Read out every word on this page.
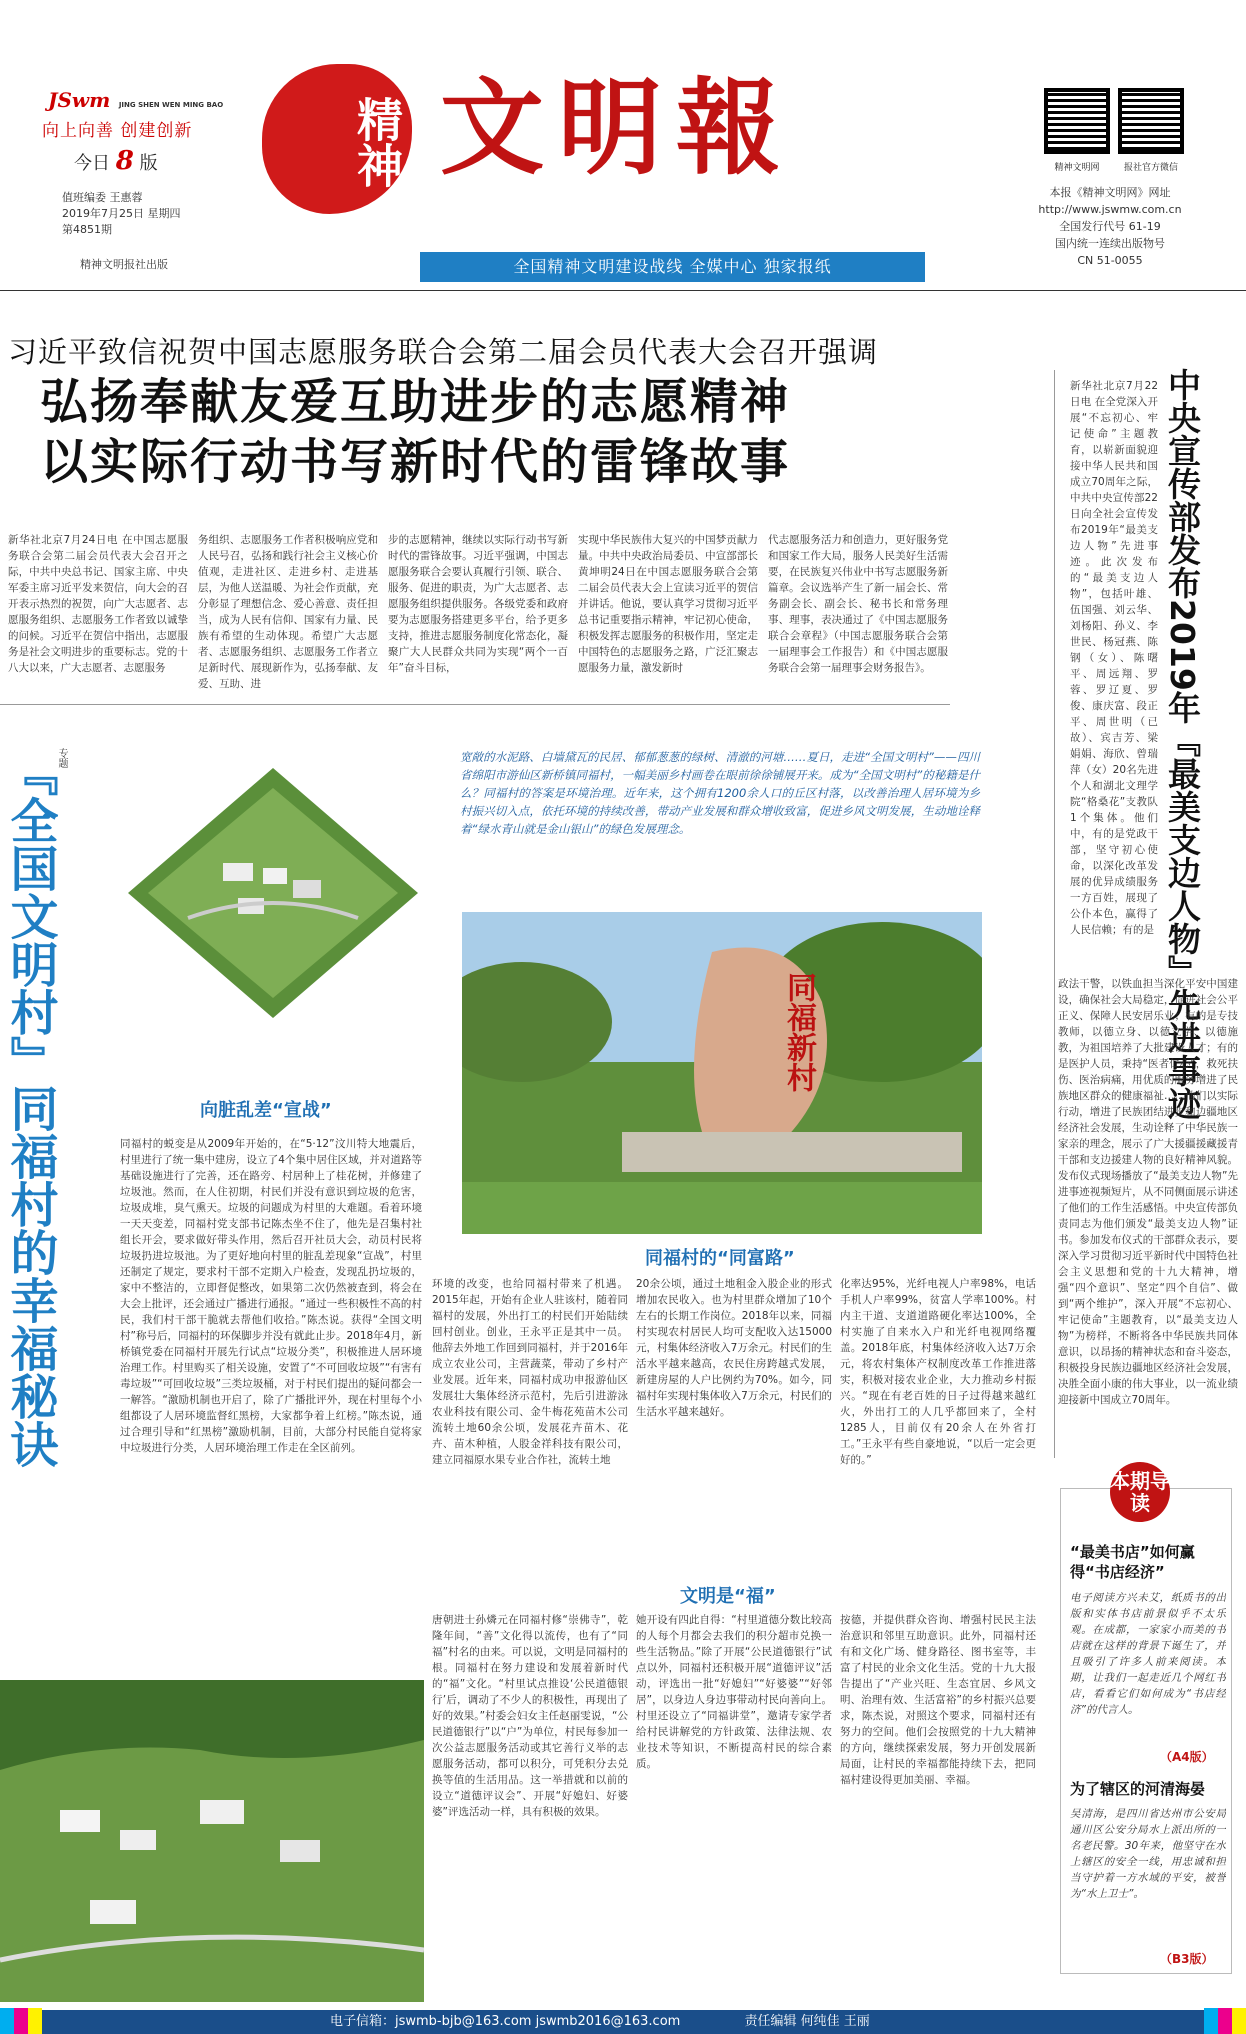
JSwm JING SHEN WEN MING BAO
向上向善 创建创新
今日 8 版
值班编委 王惠蓉
2019年7月25日 星期四
第4851期
精神文明报社出版
精神 文明報
全国精神文明建设战线 全媒中心 独家报纸
精神文明网	报社官方微信
本报《精神文明网》网址
http://www.jswmw.com.cn
全国发行代号 61-19
国内统一连续出版物号
CN 51-0055
习近平致信祝贺中国志愿服务联合会第二届会员代表大会召开强调
弘扬奉献友爱互助进步的志愿精神
以实际行动书写新时代的雷锋故事
新华社北京7月24日电 在中国志愿服务联合会第二届会员代表大会召开之际，中共中央总书记、国家主席、中央军委主席习近平发来贺信，向大会的召开表示热烈的祝贺，向广大志愿者、志愿服务组织、志愿服务工作者致以诚挚的问候。习近平在贺信中指出，志愿服务是社会文明进步的重要标志。党的十八大以来，广大志愿者、志愿服务
务组织、志愿服务工作者积极响应党和人民号召，弘扬和践行社会主义核心价值观，走进社区、走进乡村、走进基层，为他人送温暖、为社会作贡献，充分彰显了理想信念、爱心善意、责任担当，成为人民有信仰、国家有力量、民族有希望的生动体现。希望广大志愿者、志愿服务组织、志愿服务工作者立足新时代、展现新作为，弘扬奉献、友爱、互助、进
步的志愿精神，继续以实际行动书写新时代的雷锋故事。习近平强调，中国志愿服务联合会要认真履行引领、联合、服务、促进的职责，为广大志愿者、志愿服务组织提供服务。各级党委和政府要为志愿服务搭建更多平台，给予更多支持，推进志愿服务制度化常态化，凝聚广大人民群众共同为实现“两个一百年”奋斗目标，
实现中华民族伟大复兴的中国梦贡献力量。中共中央政治局委员、中宣部部长黄坤明24日在中国志愿服务联合会第二届会员代表大会上宣读习近平的贺信并讲话。他说，要认真学习贯彻习近平总书记重要指示精神，牢记初心使命，积极发挥志愿服务的积极作用，坚定走中国特色的志愿服务之路，广泛汇聚志愿服务力量，激发新时
代志愿服务活力和创造力，更好服务党和国家工作大局，服务人民美好生活需要，在民族复兴伟业中书写志愿服务新篇章。会议选举产生了新一届会长、常务副会长、副会长、秘书长和常务理事、理事，表决通过了《中国志愿服务联合会章程》（中国志愿服务联合会第一届理事会工作报告）和《中国志愿服务联合会第一届理事会财务报告》。	中央宣传部发布2019年『最美支边人物』先进事迹
新华社北京7月22日电 在全党深入开展“不忘初心、牢记使命”主题教育，以崭新面貌迎接中华人民共和国成立70周年之际，中共中央宣传部22日向全社会宣传发布2019年“最美支边人物”先进事迹。此次发布的“最美支边人物”，包括叶雄、伍国强、刘云华、刘杨阳、孙义、李世民、杨冠燕、陈钢（女）、陈曙平、周远翔、罗蓉、罗辽夏、罗俊、康庆富、段正平、周世明（已故）、宾吉芳、梁娟娟、海欣、曾瑞萍（女）20名先进个人和湖北文理学院“格桑花”支教队1个集体。他们中，有的是党政干部，坚守初心使命，以深化改革发展的优异成绩服务一方百姓，展现了公仆本色，赢得了人民信赖；有的是
政法干警，以铁血担当深化平安中国建设，确保社会大局稳定，促进社会公平正义、保障人民安居乐业；有的是专技教师，以德立身、以德立学、以德施教，为祖国培养了大批建设人才；有的是医护人员，秉持“医者仁心”，救死扶伤、医治病痛，用优质的服务增进了民族地区群众的健康福祉……他们以实际行动，增进了民族团结进步和边疆地区经济社会发展，生动诠释了中华民族一家亲的理念，展示了广大援疆援藏援青干部和支边援建人物的良好精神风貌。发布仪式现场播放了“最美支边人物”先进事迹视频短片，从不同侧面展示讲述了他们的工作生活感悟。中央宣传部负责同志为他们颁发“最美支边人物”证书。参加发布仪式的干部群众表示，要深入学习贯彻习近平新时代中国特色社会主义思想和党的十九大精神，增强“四个意识”、坚定“四个自信”、做到“两个维护”，深入开展“不忘初心、牢记使命”主题教育，以“最美支边人物”为榜样，不断将各中华民族共同体意识，以昂扬的精神状态和奋斗姿态，积极投身民族边疆地区经济社会发展，决胜全面小康的伟大事业，以一流业绩迎接新中国成立70周年。
『全国文明村』同福村的幸福秘诀
专题	宽敞的水泥路、白墙黛瓦的民居、郁郁葱葱的绿树、清澈的河塘……夏日，走进“全国文明村”——四川省绵阳市游仙区新桥镇同福村，一幅美丽乡村画卷在眼前徐徐铺展开来。成为“全国文明村”的秘籍是什么？同福村的答案是环境治理。近年来，这个拥有1200余人口的丘区村落，以改善治理人居环境为乡村振兴切入点，依托环境的持续改善，带动产业发展和群众增收致富，促进乡风文明发展，生动地诠释着“绿水青山就是金山银山”的绿色发展理念。
同福新村
向脏乱差“宣战”
同福村的蜕变是从2009年开始的，在“5·12”汶川特大地震后，村里进行了统一集中建房，设立了4个集中居住区域，并对道路等基础设施进行了完善，还在路旁、村居种上了桂花树，并修建了垃圾池。然而，在人住初期，村民们并没有意识到垃圾的危害，垃圾成堆，臭气熏天。垃圾的问题成为村里的大难题。看着环境一天天变差，同福村党支部书记陈杰坐不住了，他先是召集村社组长开会，要求做好带头作用，然后召开社员大会，动员村民将垃圾扔进垃圾池。为了更好地向村里的脏乱差现象“宣战”，村里还制定了规定，要求村干部不定期入户检查，发现乱扔垃圾的，家中不整洁的，立即督促整改，如果第二次仍然被查到，将会在大会上批评，还会通过广播进行通报。“通过一些积极性不高的村民，我们村干部干脆就去帮他们收拾。”陈杰说。获得“全国文明村”称号后，同福村的环保脚步并没有就此止步。2018年4月，新桥镇党委在同福村开展先行试点“垃圾分类”，积极推进人居环境治理工作。村里购买了相关设施，安置了“不可回收垃圾”“有害有毒垃圾”“可回收垃圾”三类垃圾桶，对于村民们提出的疑问都会一一解答。“激励机制也开启了，除了广播批评外，现在村里每个小组都设了人居环境监督红黑榜，大家都争着上红榜。”陈杰说，通过合理引导和“红黑榜”激励机制，目前，大部分村民能自觉将家中垃圾进行分类，人居环境治理工作走在全区前列。
同福村的“同富路”
环境的改变，也给同福村带来了机遇。2015年起，开始有企业人驻该村，随着同福村的发展，外出打工的村民们开始陆续回村创业。创业，王永平正是其中一员。他辞去外地工作回到同福村，并于2016年成立农业公司，主营蔬菜，带动了乡村产业发展。近年来，同福村成功申报游仙区发展壮大集体经济示范村，先后引进游泳农业科技有限公司、金牛梅花苑苗木公司流转土地60余公顷，发展花卉苗木、花卉、苗木种植，人股金祥科技有限公司，建立同福原水果专业合作社，流转土地
20余公顷，通过土地租金入股企业的形式增加农民收入。也为村里群众增加了10个左右的长期工作岗位。2018年以来，同福村实现农村居民人均可支配收入达15000元，村集体经济收入7万余元。村民们的生活水平越来越高，农民住房跨越式发展，新建房屋的人户比例约为70%。如今，同福村年实现村集体收入7万余元，村民们的生活水平越来越好。
化率达95%，光纤电视人户率98%，电话手机人户率99%，贫富人学率100%。村内主干道、支道道路硬化率达100%，全村实施了自来水入户和光纤电视网络覆盖。2018年底，村集体经济收入达7万余元，将农村集体产权制度改革工作推进落实，积极对接农业企业，大力推动乡村振兴。“现在有老百姓的日子过得越来越红火，外出打工的人几乎都回来了，全村1285人，目前仅有20余人在外省打工。”王永平有些自豪地说，“以后一定会更好的。”
文明是“福”
唐朝进士孙燐元在同福村修“崇佛寺”，乾隆年间，“善”文化得以流传，也有了“同福”村名的由来。可以说，文明是同福村的根。同福村在努力建设和发展着新时代的“福”文化。“村里试点推设‘公民道德银行’后，调动了不少人的积极性，再现出了好的效果。”村委会妇女主任赵丽雯说，“公民道德银行”以“户”为单位，村民每参加一次公益志愿服务活动或其它善行义举的志愿服务活动，都可以积分，可凭积分去兑换等值的生活用品。这一举措就和以前的设立“道德评议会”、开展“好媳妇、好婆婆”评选活动一样，具有积极的效果。
她开设有四此自得：“村里道德分数比较高的人每个月都会去我们的积分超市兑换一些生活物品。”除了开展“公民道德银行”试点以外，同福村还积极开展“道德评议”活动，评选出一批“好媳妇”“好婆婆”“好邻居”，以身边人身边事带动村民向善向上。村里还设立了“同福讲堂”，邀请专家学者给村民讲解党的方针政策、法律法规、农业技术等知识，不断提高村民的综合素质。
按德，并提供群众咨询、增强村民民主法治意识和邻里互助意识。此外，同福村还有和文化广场、健身路径、图书室等，丰富了村民的业余文化生活。党的十九大报告提出了“产业兴旺、生态宜居、乡风文明、治理有效、生活富裕”的乡村振兴总要求，陈杰说，对照这个要求，同福村还有努力的空间。他们会按照党的十九大精神的方向，继续探索发展，努力开创发展新局面，让村民的幸福都能持续下去，把同福村建设得更加美丽、幸福。
本期导读
“最美书店”如何赢得“书店经济”
电子阅读方兴未艾，纸质书的出版和实体书店前景似乎不太乐观。在成都，一家家小而美的书店就在这样的背景下诞生了，并且吸引了许多人前来阅读。本期，让我们一起走近几个网红书店，看看它们如何成为“书店经济”的代言人。
（A4版）
为了辖区的河清海晏
吴清海，是四川省达州市公安局通川区公安分局水上派出所的一名老民警。30年来，他坚守在水上辖区的安全一线，用忠诚和担当守护着一方水域的平安，被誉为“水上卫士”。
（B3版）
电子信箱：jswmb-bjb@163.com jswmb2016@163.com	责任编辑 何纯佳 王丽
